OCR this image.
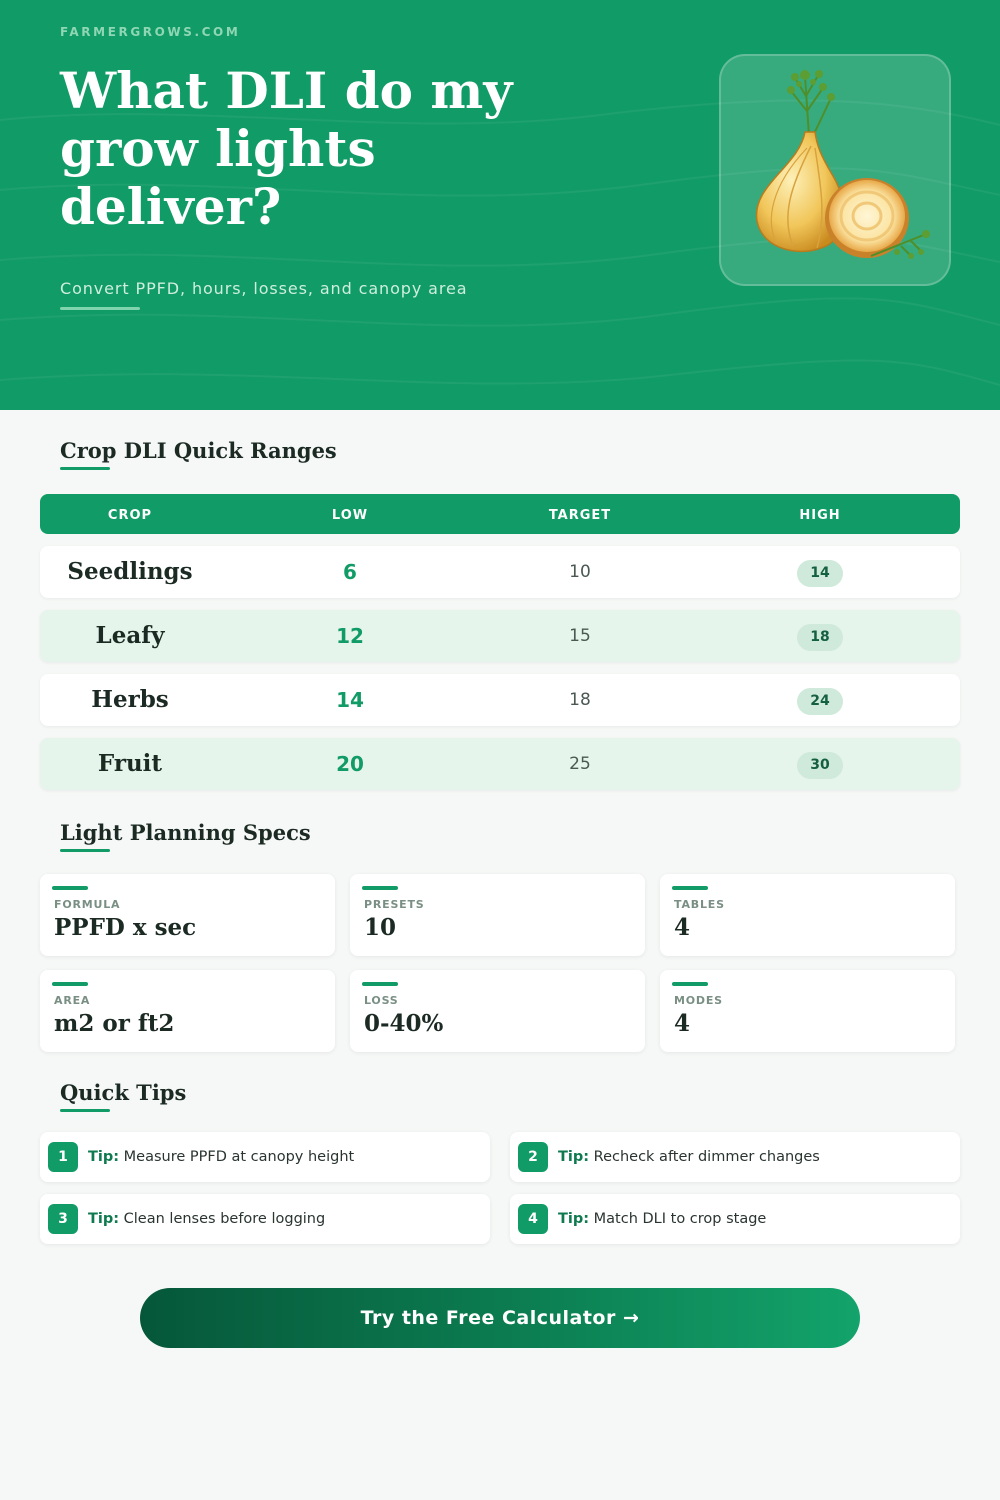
FARMERGROWS.COM
What DLI do my grow lights deliver?
Convert PPFD, hours, losses, and canopy area
Crop DLI Quick Ranges
CROP	LOW	TARGET	HIGH
Seedlings	6	10	14
Leafy	12	15	18
Herbs	14	18	24
Fruit	20	25	30
Light Planning Specs
FORMULA
PPFD x sec
PRESETS
10
TABLES
4
AREA
m2 or ft2
LOSS
0-40%
MODES
4
Quick Tips
1	Tip: Measure PPFD at canopy height	2	Tip: Recheck after dimmer changes
3	Tip: Clean lenses before logging	4	Tip: Match DLI to crop stage
Try the Free Calculator →
